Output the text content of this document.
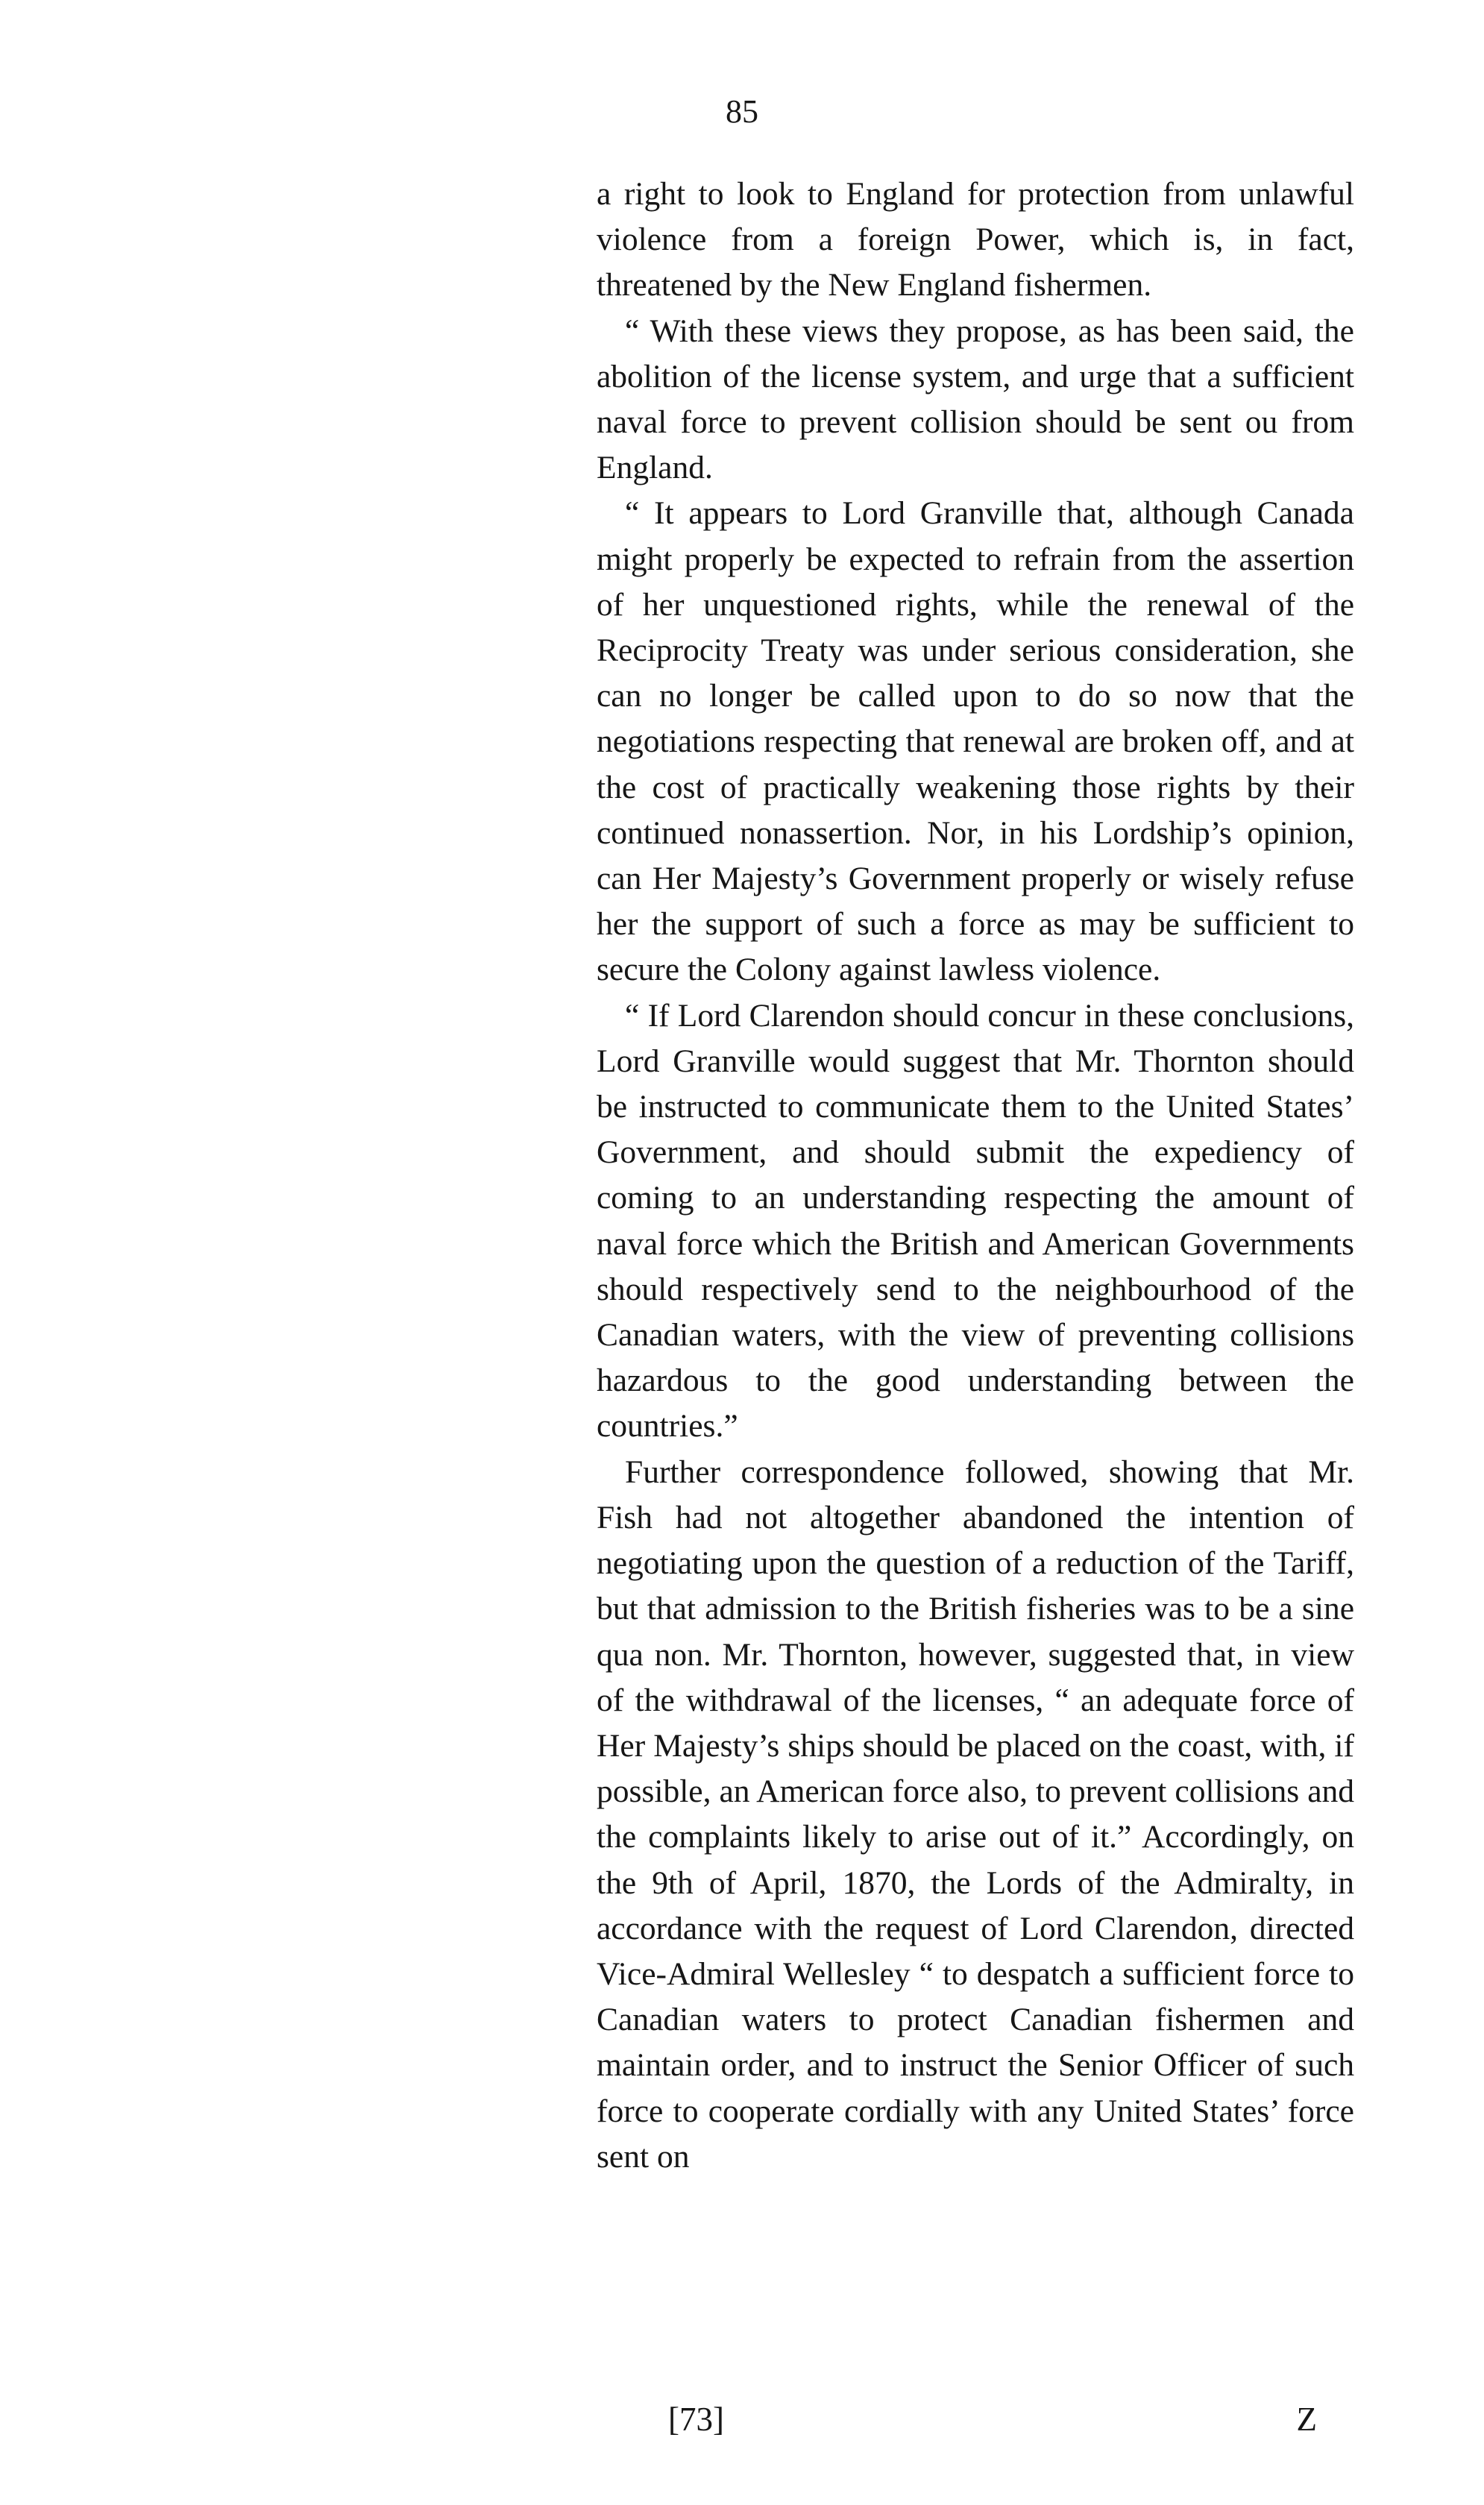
85

a right to look to England for protection from unlawful violence from a foreign Power, which is, in fact, threatened by the New England fishermen.

“ With these views they propose, as has been said, the abolition of the license system, and urge that a sufficient naval force to prevent collision should be sent ou from England.

“ It appears to Lord Granville that, although Canada might properly be expected to refrain from the assertion of her unquestioned rights, while the renewal of the Reciprocity Treaty was under serious consideration, she can no longer be called upon to do so now that the negotiations respecting that renewal are broken off, and at the cost of practically weakening those rights by their continued nonassertion. Nor, in his Lordship’s opinion, can Her Majesty’s Government properly or wisely refuse her the support of such a force as may be sufficient to secure the Colony against lawless violence.

“ If Lord Clarendon should concur in these conclusions, Lord Granville would suggest that Mr. Thornton should be instructed to communicate them to the United States’ Government, and should submit the expediency of coming to an understanding respecting the amount of naval force which the British and American Governments should respectively send to the neighbourhood of the Canadian waters, with the view of preventing collisions hazardous to the good understanding between the countries.”

Further correspondence followed, showing that Mr. Fish had not altogether abandoned the intention of negotiating upon the question of a reduction of the Tariff, but that admission to the British fisheries was to be a sine qua non. Mr. Thornton, however, suggested that, in view of the withdrawal of the licenses, “ an adequate force of Her Majesty’s ships should be placed on the coast, with, if possible, an American force also, to prevent collisions and the complaints likely to arise out of it.” Accordingly, on the 9th of April, 1870, the Lords of the Admiralty, in accordance with the request of Lord Clarendon, directed Vice-Admiral Wellesley “ to despatch a sufficient force to Canadian waters to protect Canadian fishermen and maintain order, and to instruct the Senior Officer of such force to cooperate cordially with any United States’ force sent on

[73]	Z
